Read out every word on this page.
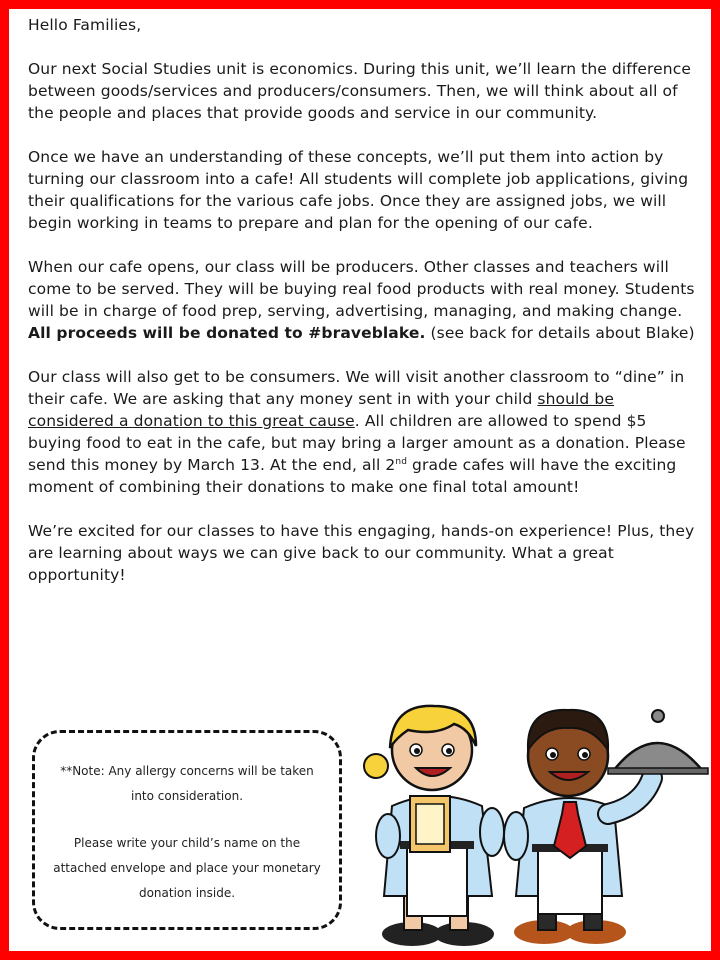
Hello Families,

Our next Social Studies unit is economics. During this unit, we’ll learn the difference between goods/services and producers/consumers. Then, we will think about all of the people and places that provide goods and service in our community.

Once we have an understanding of these concepts, we’ll put them into action by turning our classroom into a cafe! All students will complete job applications, giving their qualifications for the various cafe jobs. Once they are assigned jobs, we will begin working in teams to prepare and plan for the opening of our cafe.

When our cafe opens, our class will be producers. Other classes and teachers will come to be served. They will be buying real food products with real money. Students will be in charge of food prep, serving, advertising, managing, and making change. All proceeds will be donated to #braveblake. (see back for details about Blake)

Our class will also get to be consumers. We will visit another classroom to “dine” in their cafe. We are asking that any money sent in with your child should be considered a donation to this great cause. All children are allowed to spend $5 buying food to eat in the cafe, but may bring a larger amount as a donation. Please send this money by March 13. At the end, all 2nd grade cafes will have the exciting moment of combining their donations to make one final total amount!

We’re excited for our classes to have this engaging, hands-on experience! Plus, they are learning about ways we can give back to our community. What a great opportunity!

**Note: Any allergy concerns will be taken into consideration.

Please write your child’s name on the attached envelope and place your monetary donation inside.
